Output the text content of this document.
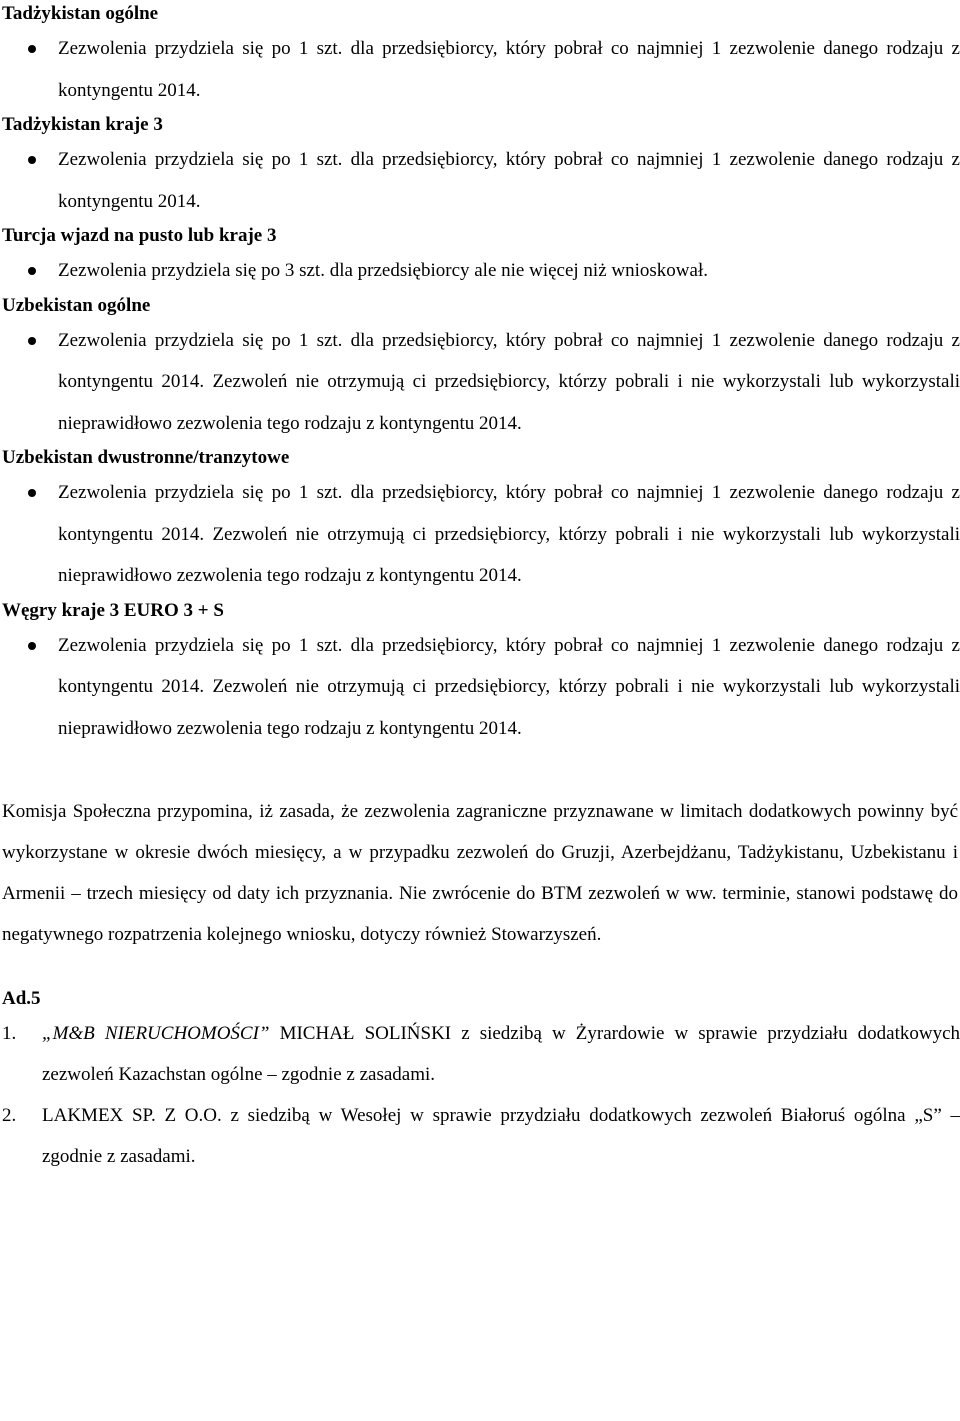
Tadżykistan ogólne

Zezwolenia przydziela się po 1 szt. dla przedsiębiorcy, który pobrał co najmniej 1 zezwolenie danego rodzaju z kontyngentu 2014.

Tadżykistan kraje 3

Zezwolenia przydziela się po 1 szt. dla przedsiębiorcy, który pobrał co najmniej 1 zezwolenie danego rodzaju z kontyngentu 2014.

Turcja wjazd na pusto lub kraje 3

Zezwolenia przydziela się po 3 szt. dla przedsiębiorcy ale nie więcej niż wnioskował.

Uzbekistan ogólne

Zezwolenia przydziela się po 1 szt. dla przedsiębiorcy, który pobrał co najmniej 1 zezwolenie danego rodzaju z kontyngentu 2014. Zezwoleń nie otrzymują ci przedsiębiorcy, którzy pobrali i nie wykorzystali lub wykorzystali nieprawidłowo zezwolenia tego rodzaju z kontyngentu 2014.

Uzbekistan dwustronne/tranzytowe

Zezwolenia przydziela się po 1 szt. dla przedsiębiorcy, który pobrał co najmniej 1 zezwolenie danego rodzaju z kontyngentu 2014. Zezwoleń nie otrzymują ci przedsiębiorcy, którzy pobrali i nie wykorzystali lub wykorzystali nieprawidłowo zezwolenia tego rodzaju z kontyngentu 2014.

Węgry kraje 3 EURO 3 + S

Zezwolenia przydziela się po 1 szt. dla przedsiębiorcy, który pobrał co najmniej 1 zezwolenie danego rodzaju z kontyngentu 2014. Zezwoleń nie otrzymują ci przedsiębiorcy, którzy pobrali i nie wykorzystali lub wykorzystali nieprawidłowo zezwolenia tego rodzaju z kontyngentu 2014.

Komisja Społeczna przypomina, iż zasada, że zezwolenia zagraniczne przyznawane w limitach dodatkowych powinny być wykorzystane w okresie dwóch miesięcy, a w przypadku zezwoleń do Gruzji, Azerbejdżanu, Tadżykistanu, Uzbekistanu i Armenii – trzech miesięcy od daty ich przyznania. Nie zwrócenie do BTM zezwoleń w ww. terminie, stanowi podstawę do negatywnego rozpatrzenia kolejnego wniosku, dotyczy również Stowarzyszeń.

Ad.5

1. „M&B NIERUCHOMOŚCI” MICHAŁ SOLIŃSKI z siedzibą w Żyrardowie w sprawie przydziału dodatkowych zezwoleń Kazachstan ogólne – zgodnie z zasadami.
2. LAKMEX SP. Z O.O. z siedzibą w Wesołej w sprawie przydziału dodatkowych zezwoleń Białoruś ogólna „S” – zgodnie z zasadami.
